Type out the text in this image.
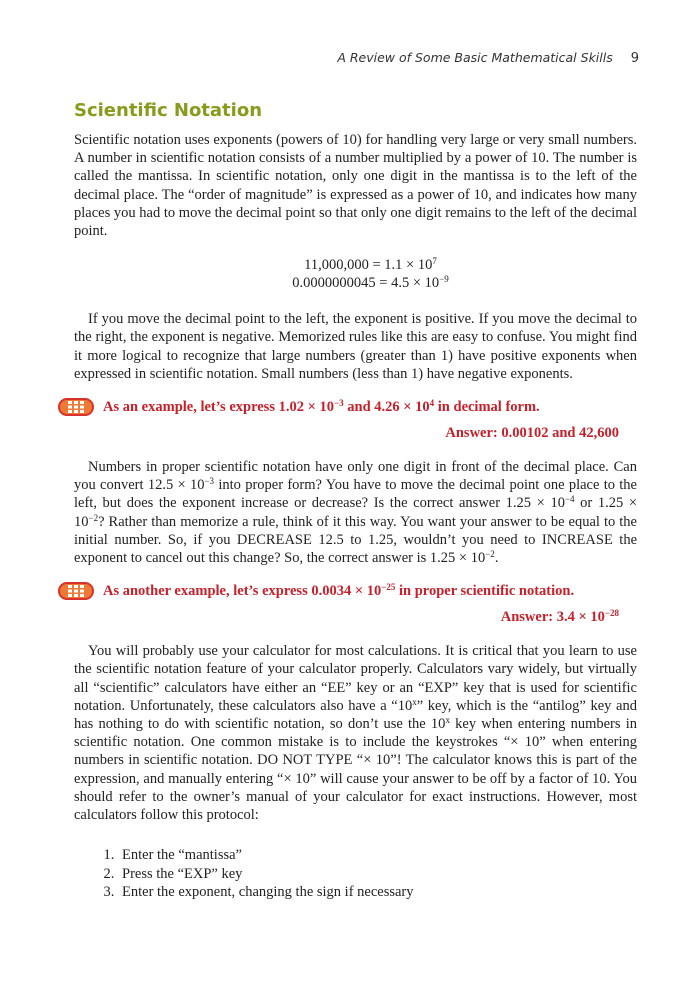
A Review of Some Basic Mathematical Skills 9
Scientific Notation

Scientific notation uses exponents (powers of 10) for handling very large or very small numbers. A number in scientific notation consists of a number multiplied by a power of 10. The number is called the mantissa. In scientific notation, only one digit in the mantissa is to the left of the decimal place. The “order of magnitude” is expressed as a power of 10, and indicates how many places you had to move the decimal point so that only one digit remains to the left of the decimal point.

$11,000,000 = 1.1 \times 10^7$
$0.0000000045 = 4.5 \times 10^{-9}$

If you move the decimal point to the left, the exponent is positive. If you move the decimal to the right, the exponent is negative. Memorized rules like this are easy to confuse. You might find it more logical to recognize that large numbers (greater than 1) have positive exponents when expressed in scientific notation. Small numbers (less than 1) have negative exponents.

As an example, let’s express $1.02 \times 10^{-3}$ and $4.26 \times 10^4$ in decimal form.
Answer: 0.00102 and 42,600

Numbers in proper scientific notation have only one digit in front of the decimal place. Can you convert $12.5 \times 10^{-3}$ into proper form? You have to move the decimal point one place to the left, but does the exponent increase or decrease? Is the correct answer $1.25 \times 10^{-4}$ or $1.25 \times 10^{-2}$? Rather than memorize a rule, think of it this way. You want your answer to be equal to the initial number. So, if you DECREASE 12.5 to 1.25, wouldn’t you need to INCREASE the exponent to cancel out this change? So, the correct answer is $1.25 \times 10^{-2}$.

As another example, let’s express $0.0034 \times 10^{-25}$ in proper scientific notation.
Answer: $3.4 \times 10^{-28}$

You will probably use your calculator for most calculations. It is critical that you learn to use the scientific notation feature of your calculator properly. Calculators vary widely, but virtually all “scientific” calculators have either an “EE” key or an “EXP” key that is used for scientific notation. Unfortunately, these calculators also have a “10$^x$” key, which is the “antilog” key and has nothing to do with scientific notation, so don’t use the 10$^x$ key when entering numbers in scientific notation. One common mistake is to include the keystrokes “× 10” when entering numbers in scientific notation. DO NOT TYPE “× 10”! The calculator knows this is part of the expression, and manually entering “× 10” will cause your answer to be off by a factor of 10. You should refer to the owner’s manual of your calculator for exact instructions. However, most calculators follow this protocol:

1. Enter the “mantissa”
2. Press the “EXP” key
3. Enter the exponent, changing the sign if necessary
